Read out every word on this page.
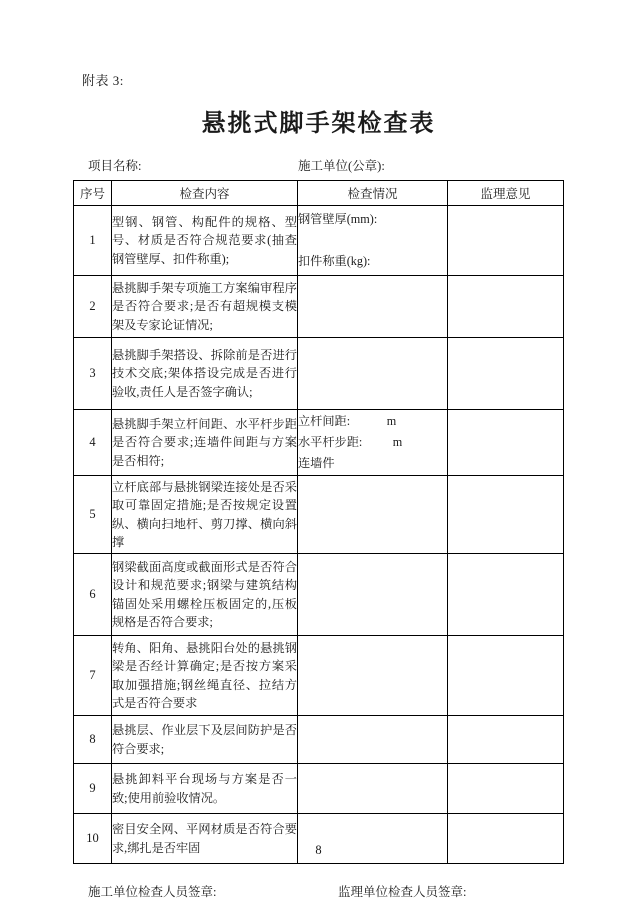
附表 3:
悬挑式脚手架检查表
项目名称:	施工单位(公章):
序号	检查内容	检查情况	监理意见
1	型钢、钢管、构配件的规格、型号、材质是否符合规范要求(抽查钢管壁厚、扣件称重);	钢管壁厚(mm):

扣件称重(kg):	

2	悬挑脚手架专项施工方案编审程序是否符合要求;是否有超规模支模架及专家论证情况;		
3	悬挑脚手架搭设、拆除前是否进行技术交底;架体搭设完成是否进行验收,责任人是否签字确认;		
4	悬挑脚手架立杆间距、水平杆步距是否符合要求;连墙件间距与方案是否相符;	立杆间距:            m
水平杆步距:          m
连墙件	

5	立杆底部与悬挑钢梁连接处是否采取可靠固定措施;是否按规定设置纵、横向扫地杆、剪刀撑、横向斜撑		
6	钢梁截面高度或截面形式是否符合设计和规范要求;钢梁与建筑结构锚固处采用螺栓压板固定的,压板规格是否符合要求;		
7	转角、阳角、悬挑阳台处的悬挑钢梁是否经计算确定;是否按方案采取加强措施;钢丝绳直径、拉结方式是否符合要求		
8	悬挑层、作业层下及层间防护是否符合要求;		
9	悬挑卸料平台现场与方案是否一致;使用前验收情况。		
10	密目安全网、平网材质是否符合要求,绑扎是否牢固		
施工单位检查人员签章:	监理单位检查人员签章:
8
